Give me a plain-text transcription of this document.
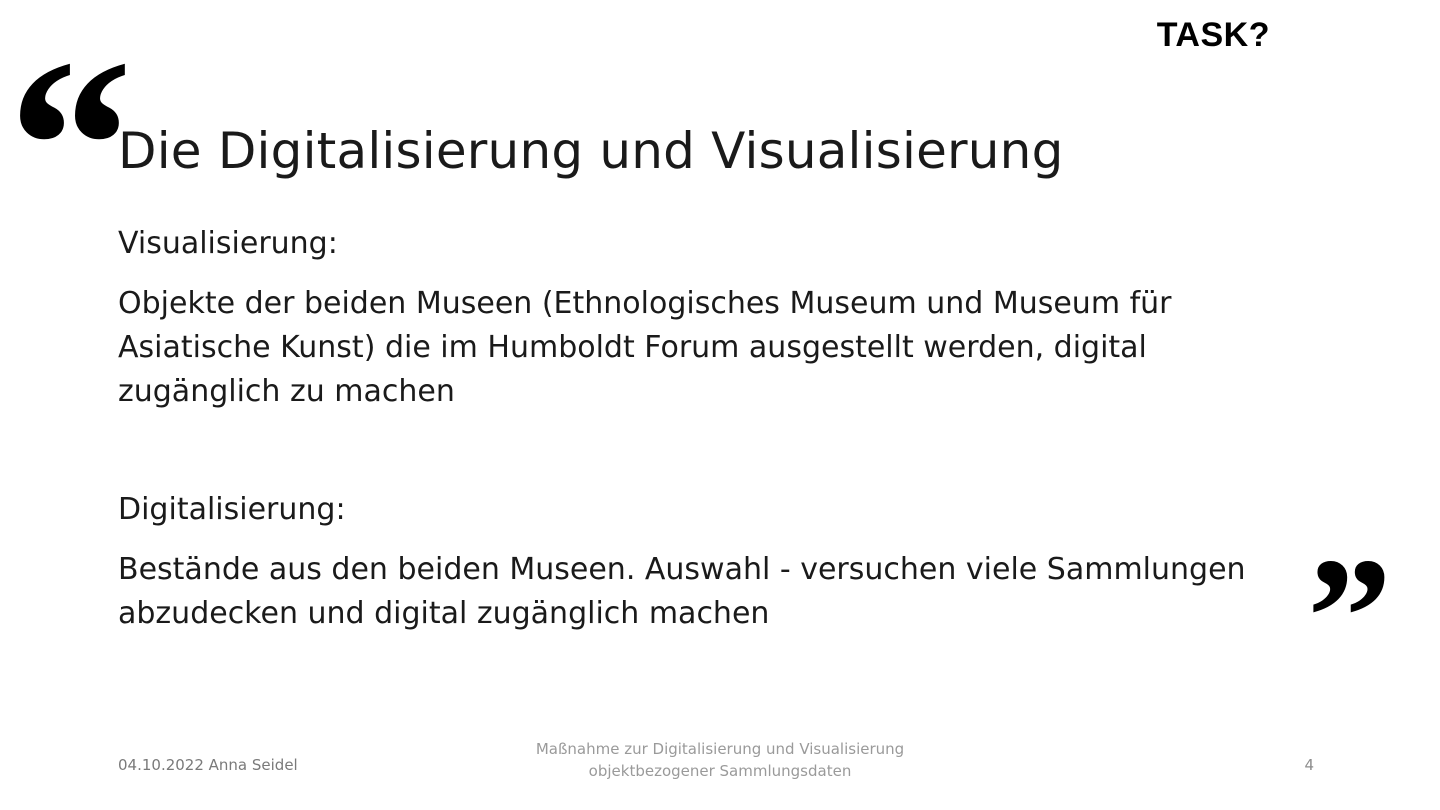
TASK?
“
Die Digitalisierung und Visualisierung

Visualisierung:

Objekte der beiden Museen (Ethnologisches Museum und Museum für Asiatische Kunst) die im Humboldt Forum ausgestellt werden, digital zugänglich zu machen

Digitalisierung:

Bestände aus den beiden Museen. Auswahl - versuchen viele Sammlungen abzudecken und digital zugänglich machen	”
04.10.2022 Anna Seidel
Maßnahme zur Digitalisierung und Visualisierung
objektbezogener Sammlungsdaten	4
